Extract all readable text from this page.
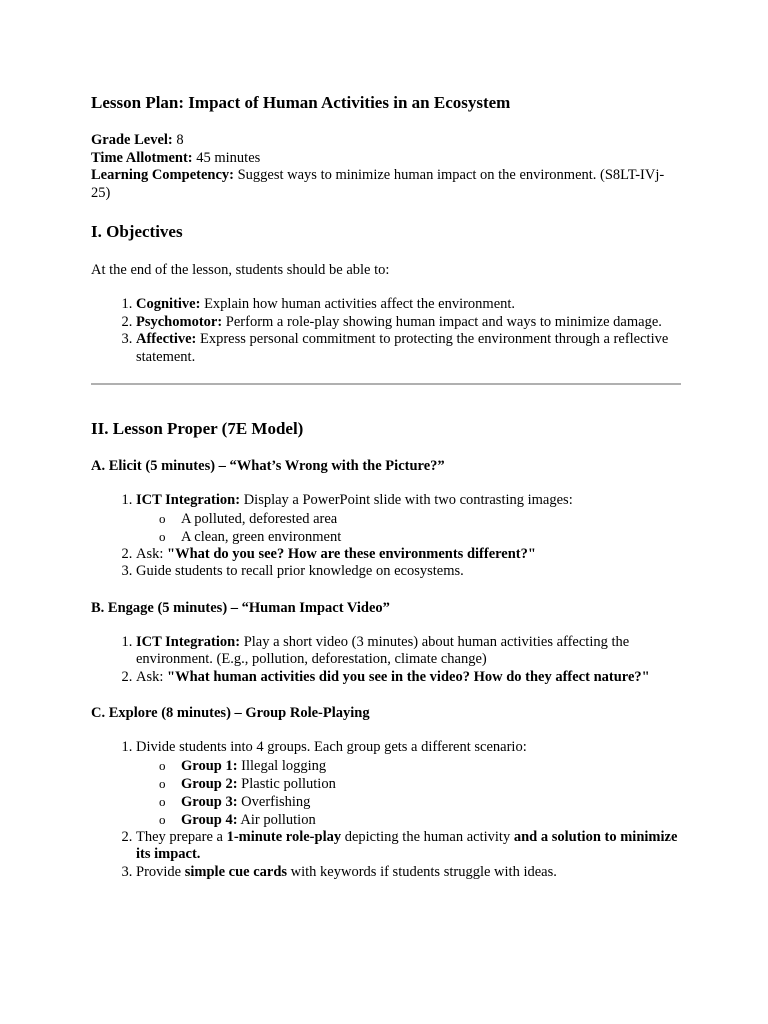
Lesson Plan: Impact of Human Activities in an Ecosystem

Grade Level: 8

Time Allotment: 45 minutes

Learning Competency: Suggest ways to minimize human impact on the environment. (S8LT-IVj-25)

I. Objectives

At the end of the lesson, students should be able to:

1. Cognitive: Explain how human activities affect the environment.
2. Psychomotor: Perform a role-play showing human impact and ways to minimize damage.
3. Affective: Express personal commitment to protecting the environment through a reflective statement.
II. Lesson Proper (7E Model)
A. Elicit (5 minutes) – “What’s Wrong with the Picture?”
1. ICT Integration: Display a PowerPoint slide with two contrasting images:
o A polluted, deforested area
o A clean, green environment
2. Ask: "What do you see? How are these environments different?"
3. Guide students to recall prior knowledge on ecosystems.
B. Engage (5 minutes) – “Human Impact Video”
1. ICT Integration: Play a short video (3 minutes) about human activities affecting the environment. (E.g., pollution, deforestation, climate change)
2. Ask: "What human activities did you see in the video? How do they affect nature?"
C. Explore (8 minutes) – Group Role-Playing
1. Divide students into 4 groups. Each group gets a different scenario:
o Group 1: Illegal logging
o Group 2: Plastic pollution
o Group 3: Overfishing
o Group 4: Air pollution
2. They prepare a 1-minute role-play depicting the human activity and a solution to minimize its impact.
3. Provide simple cue cards with keywords if students struggle with ideas.
